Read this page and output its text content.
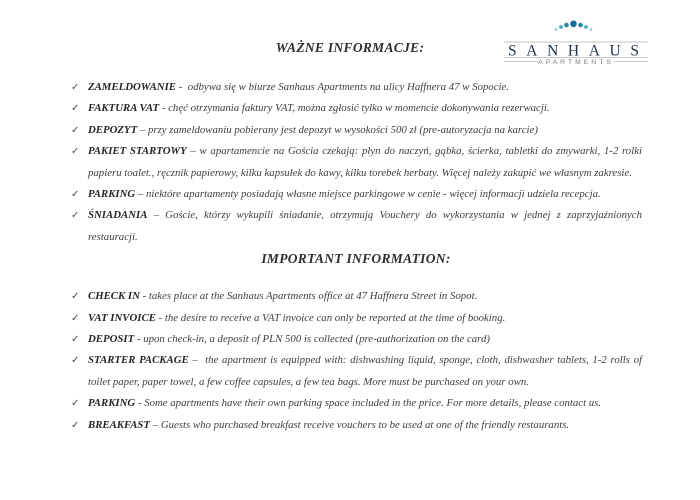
WAŻNE INFORMACJE:	SANHAUS
APARTMENTS
✓ ZAMELDOWANIE -  odbywa się w biurze Sanhaus Apartments na ulicy Haffnera 47 w Sopocie.
✓ FAKTURA VAT - chęć otrzymania faktury VAT, można zgłosić tylko w momencie dokonywania rezerwacji.
✓ DEPOZYT – przy zameldowaniu pobierany jest depozyt w wysokości 500 zł (pre-autoryzacja na karcie)
✓ PAKIET STARTOWY – w apartamencie na Gościa czekają: płyn do naczyń, gąbka, ścierka, tabletki do zmywarki, 1-2 rolki papieru toalet., ręcznik papierowy, kilku kapsułek do kawy, kilku torebek herbaty. Więcej należy zakupić we własnym zakresie.
✓ PARKING – niektóre apartamenty posiadają własne miejsce parkingowe w cenie - więcej informacji udziela recepcja.
✓ ŚNIADANIA – Goście, którzy wykupili śniadanie, otrzymują Vouchery do wykorzystania w jednej z zaprzyjaźnionych restauracji.
IMPORTANT INFORMATION:
✓ CHECK IN - takes place at the Sanhaus Apartments office at 47 Haffnera Street in Sopot.
✓ VAT INVOICE - the desire to receive a VAT invoice can only be reported at the time of booking.
✓ DEPOSIT - upon check-in, a deposit of PLN 500 is collected (pre-authorization on the card)
✓ STARTER PACKAGE –  the apartment is equipped with: dishwashing liquid, sponge, cloth, dishwasher tablets, 1-2 rolls of toilet paper, paper towel, a few coffee capsules, a few tea bags. More must be purchased on your own.
✓ PARKING - Some apartments have their own parking space included in the price. For more details, please contact us.
✓ BREAKFAST – Guests who purchased breakfast receive vouchers to be used at one of the friendly restaurants.
